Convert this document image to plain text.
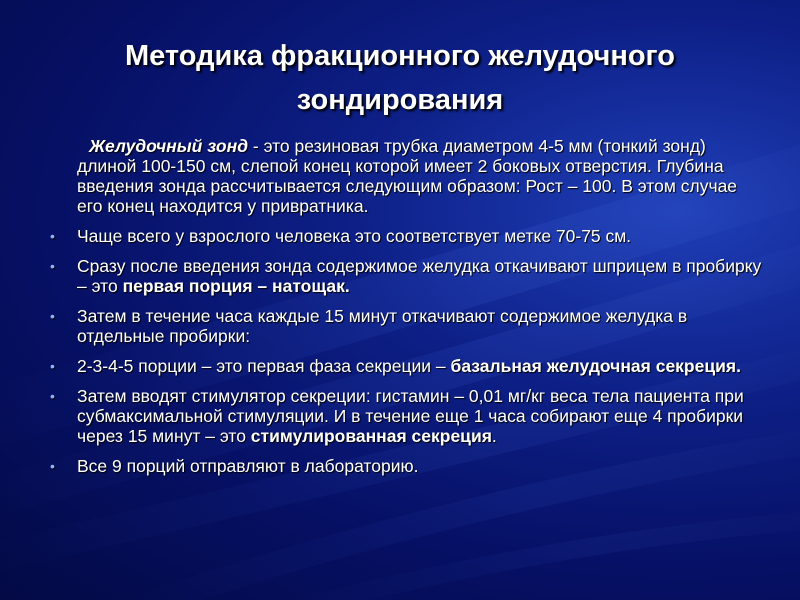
Методика фракционного желудочного зондирования

Желудочный зонд - это резиновая трубка диаметром 4-5 мм (тонкий зонд) длиной 100-150 см, слепой конец которой имеет 2 боковых отверстия. Глубина введения зонда рассчитывается следующим образом: Рост – 100. В этом случае его конец находится у привратника.

•	Чаще всего у взрослого человека это соответствует метке 70-75 см.

•	Сразу после введения зонда содержимое желудка откачивают шприцем в пробирку – это первая порция – натощак.

•	Затем в течение часа каждые 15 минут откачивают содержимое желудка в отдельные пробирки:

•	2-3-4-5 порции – это первая фаза секреции – базальная желудочная секреция.

•	Затем вводят стимулятор секреции: гистамин – 0,01 мг/кг веса тела пациента при субмаксимальной стимуляции. И в течение еще 1 часа собирают еще 4 пробирки через 15 минут – это стимулированная секреция.

•	Все 9 порций отправляют в лабораторию.
